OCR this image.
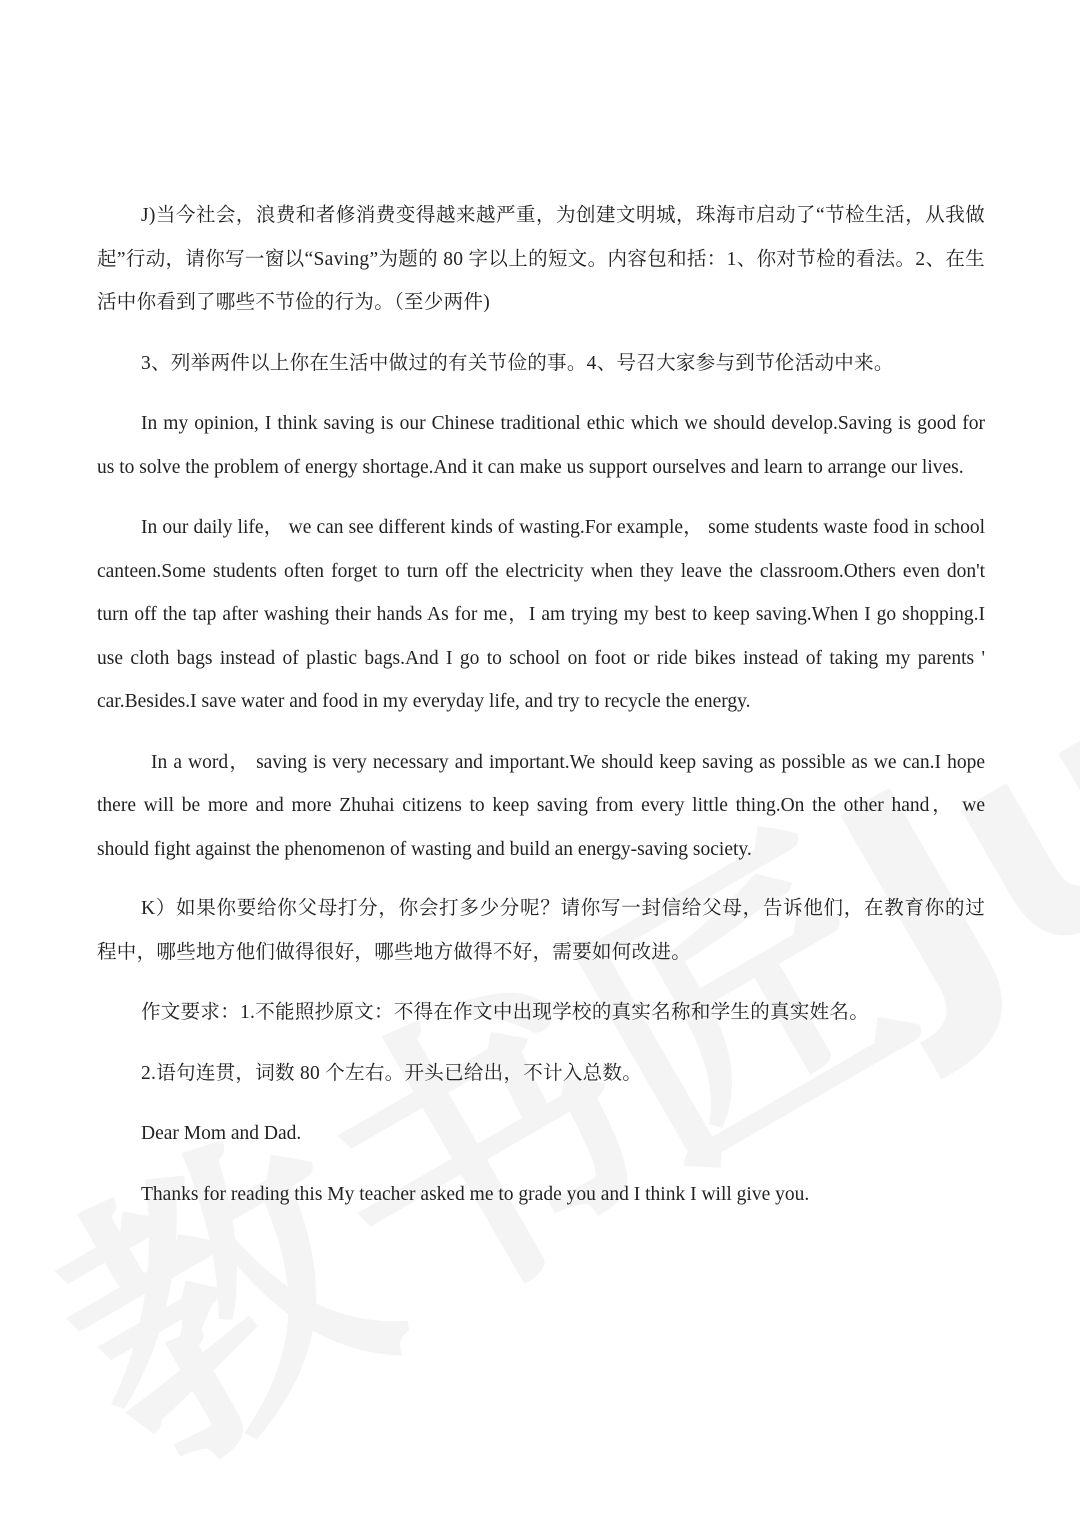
J)当今社会，浪费和者修消费变得越来越严重，为创建文明城，珠海市启动了“节检生活，从我做起”行动，请你写一窗以“Saving”为题的 80 字以上的短文。内容包和括：1、你对节检的看法。2、在生活中你看到了哪些不节俭的行为。（至少两件)

3、列举两件以上你在生活中做过的有关节俭的事。4、号召大家参与到节伦活动中来。

In my opinion, I think saving is our Chinese traditional ethic which we should develop.Saving is good for us to solve the problem of energy shortage.And it can make us support ourselves and learn to arrange our lives.

In our daily life， we can see different kinds of wasting.For example， some students waste food in school canteen.Some students often forget to turn off the electricity when they leave the classroom.Others even don't turn off the tap after washing their hands As for me，I am trying my best to keep saving.When I go shopping.I use cloth bags instead of plastic bags.And I go to school on foot or ride bikes instead of taking my parents ' car.Besides.I save water and food in my everyday life, and try to recycle the energy.

In a word， saving is very necessary and important.We should keep saving as possible as we can.I hope there will be more and more Zhuhai citizens to keep saving from every little thing.On the other hand， we should fight against the phenomenon of wasting and build an energy-saving society.

K）如果你要给你父母打分，你会打多少分呢？请你写一封信给父母，告诉他们，在教育你的过程中，哪些地方他们做得很好，哪些地方做得不好，需要如何改进。

作文要求：1.不能照抄原文：不得在作文中出现学校的真实名称和学生的真实姓名。

2.语句连贯，词数 80 个左右。开头已给出，不计入总数。

Dear Mom and Dad.

Thanks for reading this My teacher asked me to grade you and I think I will give you.
